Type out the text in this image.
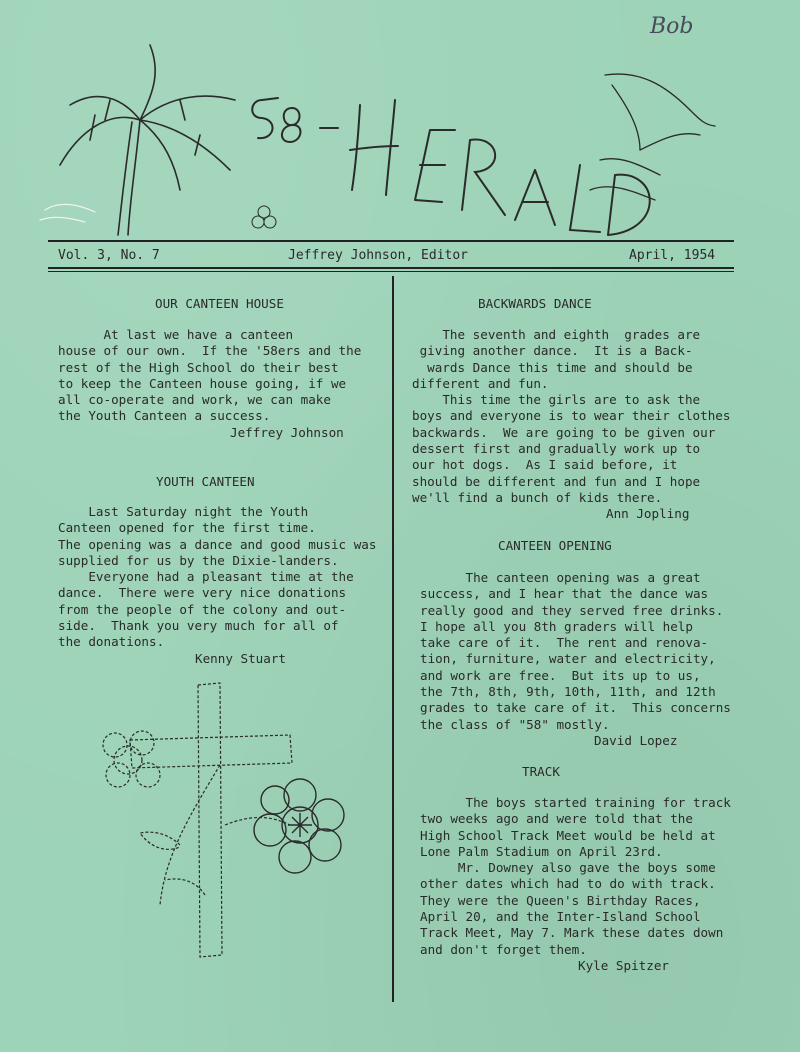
Bob
Vol. 3, No. 7	Jeffrey Johnson, Editor	April, 1954
OUR CANTEEN HOUSE
At last we have a canteen
house of our own.  If the '58ers and the
rest of the High School do their best
to keep the Canteen house going, if we
all co-operate and work, we can make
the Youth Canteen a success.
Jeffrey Johnson
YOUTH CANTEEN
Last Saturday night the Youth
Canteen opened for the first time.
The opening was a dance and good music was
supplied for us by the Dixie-landers.
Everyone had a pleasant time at the
dance.  There were very nice donations
from the people of the colony and out-
side.  Thank you very much for all of
the donations.
Kenny Stuart
BACKWARDS DANCE
The seventh and eighth  grades are
giving another dance.  It is a Back-
wards Dance this time and should be
different and fun.
This time the girls are to ask the
boys and everyone is to wear their clothes
backwards.  We are going to be given our
dessert first and gradually work up to
our hot dogs.  As I said before, it
should be different and fun and I hope
we'll find a bunch of kids there.
Ann Jopling
CANTEEN OPENING
The canteen opening was a great
success, and I hear that the dance was
really good and they served free drinks.
I hope all you 8th graders will help
take care of it.  The rent and renova-
tion, furniture, water and electricity,
and work are free.  But its up to us,
the 7th, 8th, 9th, 10th, 11th, and 12th
grades to take care of it.  This concerns
the class of "58" mostly.
David Lopez
TRACK
The boys started training for track
two weeks ago and were told that the
High School Track Meet would be held at
Lone Palm Stadium on April 23rd.
Mr. Downey also gave the boys some
other dates which had to do with track.
They were the Queen's Birthday Races,
April 20, and the Inter-Island School
Track Meet, May 7. Mark these dates down
and don't forget them.
Kyle Spitzer
